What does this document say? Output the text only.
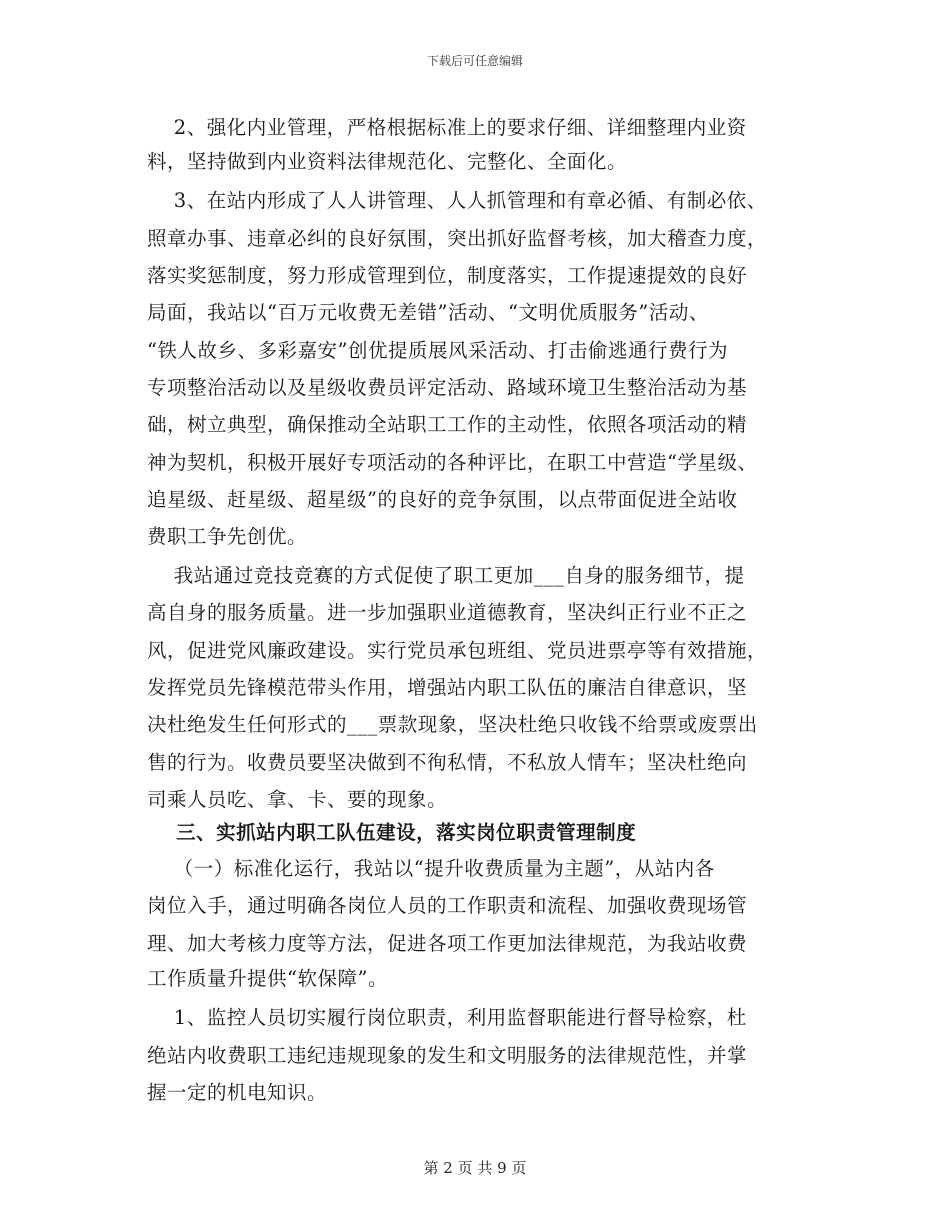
下载后可任意编辑
2、强化内业管理，严格根据标准上的要求仔细、详细整理内业资
料，坚持做到内业资料法律规范化、完整化、全面化。
3、在站内形成了人人讲管理、人人抓管理和有章必循、有制必依、
照章办事、违章必纠的良好氛围，突出抓好监督考核，加大稽查力度，
落实奖惩制度，努力形成管理到位，制度落实，工作提速提效的良好
局面，我站以“百万元收费无差错”活动、“文明优质服务”活动、
“铁人故乡、多彩嘉安”创优提质展风采活动、打击偷逃通行费行为
专项整治活动以及星级收费员评定活动、路域环境卫生整治活动为基
础，树立典型，确保推动全站职工工作的主动性，依照各项活动的精
神为契机，积极开展好专项活动的各种评比，在职工中营造“学星级、
追星级、赶星级、超星级”的良好的竞争氛围，以点带面促进全站收
费职工争先创优。
我站通过竞技竞赛的方式促使了职工更加___自身的服务细节，提
高自身的服务质量。进一步加强职业道德教育，坚决纠正行业不正之
风，促进党风廉政建设。实行党员承包班组、党员进票亭等有效措施，
发挥党员先锋模范带头作用，增强站内职工队伍的廉洁自律意识，坚
决杜绝发生任何形式的___票款现象，坚决杜绝只收钱不给票或废票出
售的行为。收费员要坚决做到不徇私情，不私放人情车；坚决杜绝向
司乘人员吃、拿、卡、要的现象。
三、实抓站内职工队伍建设，落实岗位职责管理制度
（一）标准化运行，我站以“提升收费质量为主题”，从站内各
岗位入手，通过明确各岗位人员的工作职责和流程、加强收费现场管
理、加大考核力度等方法，促进各项工作更加法律规范，为我站收费
工作质量升提供“软保障”。
1、监控人员切实履行岗位职责，利用监督职能进行督导检察，杜
绝站内收费职工违纪违规现象的发生和文明服务的法律规范性，并掌
握一定的机电知识。
第 2 页 共 9 页
